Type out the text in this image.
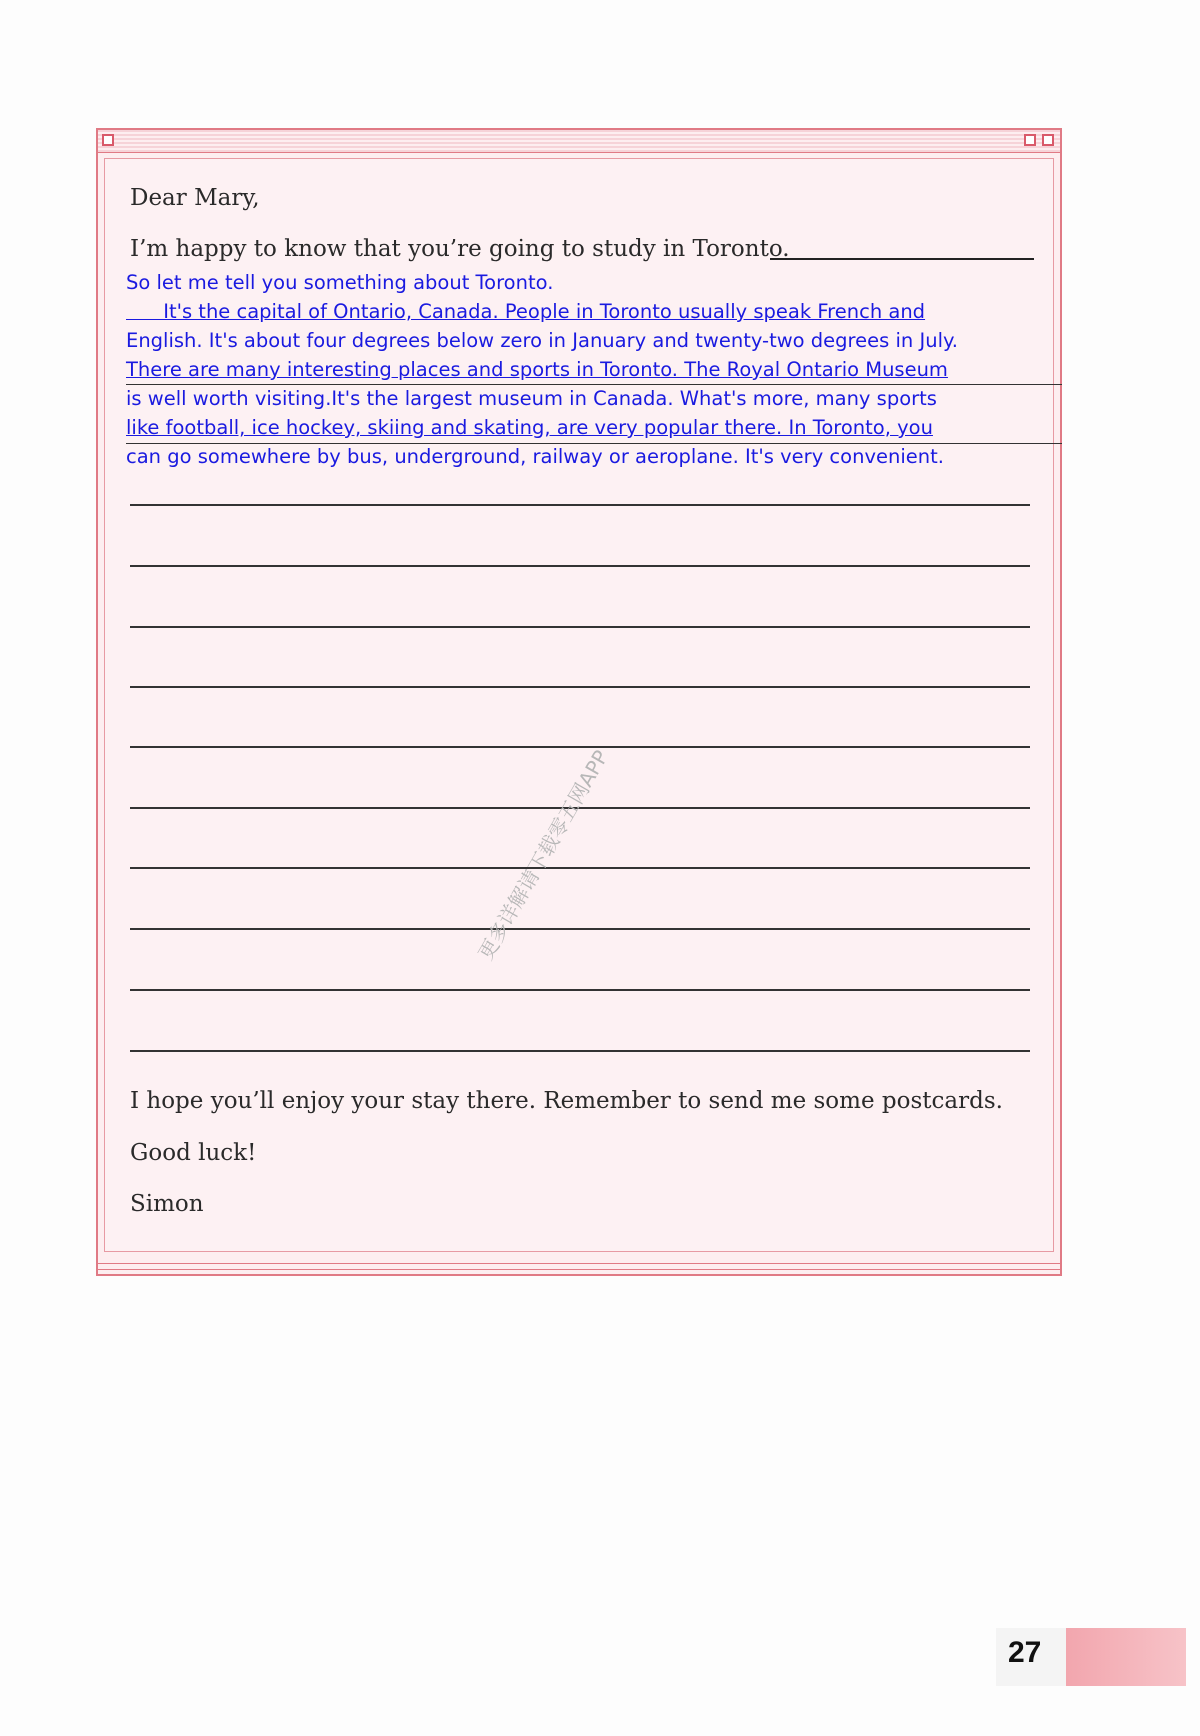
Dear Mary,
I’m happy to know that you’re going to study in Toronto.
So let me tell you something about Toronto.
It's the capital of Ontario, Canada. People in Toronto usually speak French and
English. It's about four degrees below zero in January and twenty-two degrees in July.
There are many interesting places and sports in Toronto. The Royal Ontario Museum
is well worth visiting.It's the largest museum in Canada. What's more, many sports
like football, ice hockey, skiing and skating, are very popular there. In Toronto, you
can go somewhere by bus, underground, railway or aeroplane. It's very convenient.
I hope you’ll enjoy your stay there. Remember to send me some postcards.
Good luck!
Simon
更多详解请下载零五网APP
27
